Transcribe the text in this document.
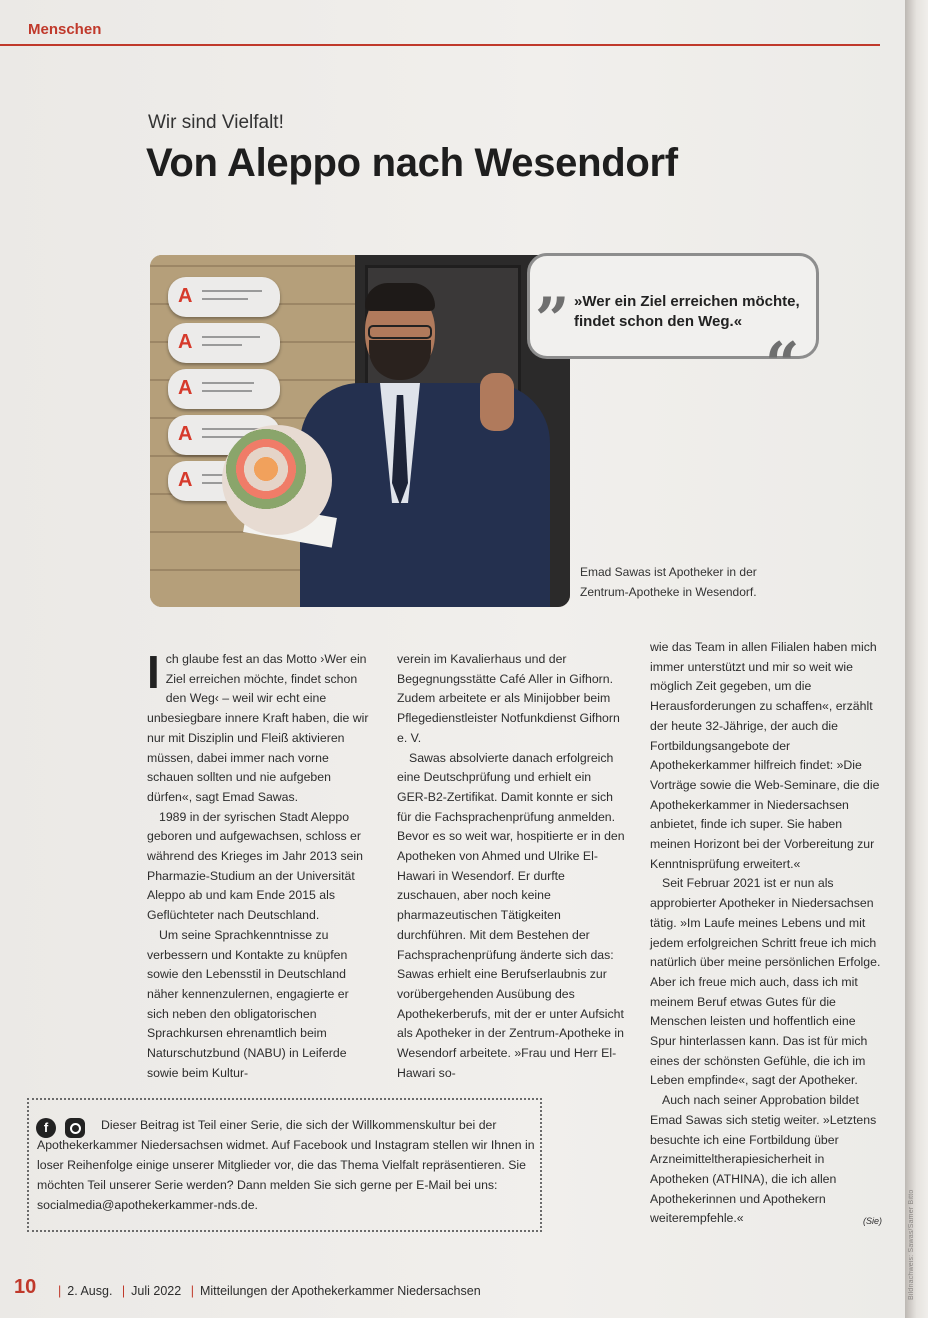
Menschen
Wir sind Vielfalt!
Von Aleppo nach Wesendorf
A
A
A
A
A
»Wer ein Ziel erreichen möchte, findet schon den Weg.«
„
“
Emad Sawas ist Apotheker in der Zentrum-Apotheke in Wesendorf.

Ich glaube fest an das Motto ›Wer ein Ziel erreichen möchte, findet schon den Weg‹ – weil wir echt eine unbesiegbare innere Kraft haben, die wir nur mit Disziplin und Fleiß aktivieren müssen, dabei immer nach vorne schauen sollten und nie aufgeben dürfen«, sagt Emad Sawas.

1989 in der syrischen Stadt Aleppo geboren und aufgewachsen, schloss er während des Krieges im Jahr 2013 sein Pharmazie-Studium an der Universität Aleppo ab und kam Ende 2015 als Geflüchteter nach Deutschland.

Um seine Sprachkenntnisse zu verbessern und Kontakte zu knüpfen sowie den Lebensstil in Deutschland näher kennenzulernen, engagierte er sich neben den obligatorischen Sprachkursen ehrenamtlich beim Naturschutzbund (NABU) in Leiferde sowie beim Kultur-

verein im Kavalierhaus und der Begegnungsstätte Café Aller in Gifhorn. Zudem arbeitete er als Minijobber beim Pflegedienstleister Notfunkdienst Gifhorn e. V.

Sawas absolvierte danach erfolgreich eine Deutschprüfung und erhielt ein GER-B2-Zertifikat. Damit konnte er sich für die Fachsprachenprüfung anmelden. Bevor es so weit war, hospitierte er in den Apotheken von Ahmed und Ulrike El-Hawari in Wesendorf. Er durfte zuschauen, aber noch keine pharmazeutischen Tätigkeiten durchführen. Mit dem Bestehen der Fachsprachenprüfung änderte sich das: Sawas erhielt eine Berufserlaubnis zur vorübergehenden Ausübung des Apothekerberufs, mit der er unter Aufsicht als Apotheker in der Zentrum-Apotheke in Wesendorf arbeitete. »Frau und Herr El-Hawari so-

wie das Team in allen Filialen haben mich immer unterstützt und mir so weit wie möglich Zeit gegeben, um die Herausforderungen zu schaffen«, erzählt der heute 32-Jährige, der auch die Fortbildungsangebote der Apothekerkammer hilfreich findet: »Die Vorträge sowie die Web-Seminare, die die Apothekerkammer in Niedersachsen anbietet, finde ich super. Sie haben meinen Horizont bei der Vorbereitung zur Kenntnisprüfung erweitert.«

Seit Februar 2021 ist er nun als approbierter Apotheker in Niedersachsen tätig. »Im Laufe meines Lebens und mit jedem erfolgreichen Schritt freue ich mich natürlich über meine persönlichen Erfolge. Aber ich freue mich auch, dass ich mit meinem Beruf etwas Gutes für die Menschen leisten und hoffentlich eine Spur hinterlassen kann. Das ist für mich eines der schönsten Gefühle, die ich im Leben empfinde«, sagt der Apotheker.

Auch nach seiner Approbation bildet Emad Sawas sich stetig weiter. »Letztens besuchte ich eine Fortbildung über Arzneimitteltherapiesicherheit in Apotheken (ATHINA), die ich allen Apothekerinnen und Apothekern weiterempfehle.«	(Sie)

f	Dieser Beitrag ist Teil einer Serie, die sich der Willkommenskultur bei der Apothekerkammer Niedersachsen widmet. Auf Facebook und Instagram stellen wir Ihnen in loser Reihenfolge einige unserer Mitglieder vor, die das Thema Vielfalt repräsentieren. Sie möchten Teil unserer Serie werden? Dann melden Sie sich gerne per E-Mail bei uns: socialmedia@apothekerkammer-nds.de.
10	| 2. Ausg. | Juli 2022 | Mitteilungen der Apothekerkammer Niedersachsen	Bildnachweis: Sawas/Samer Bitto
